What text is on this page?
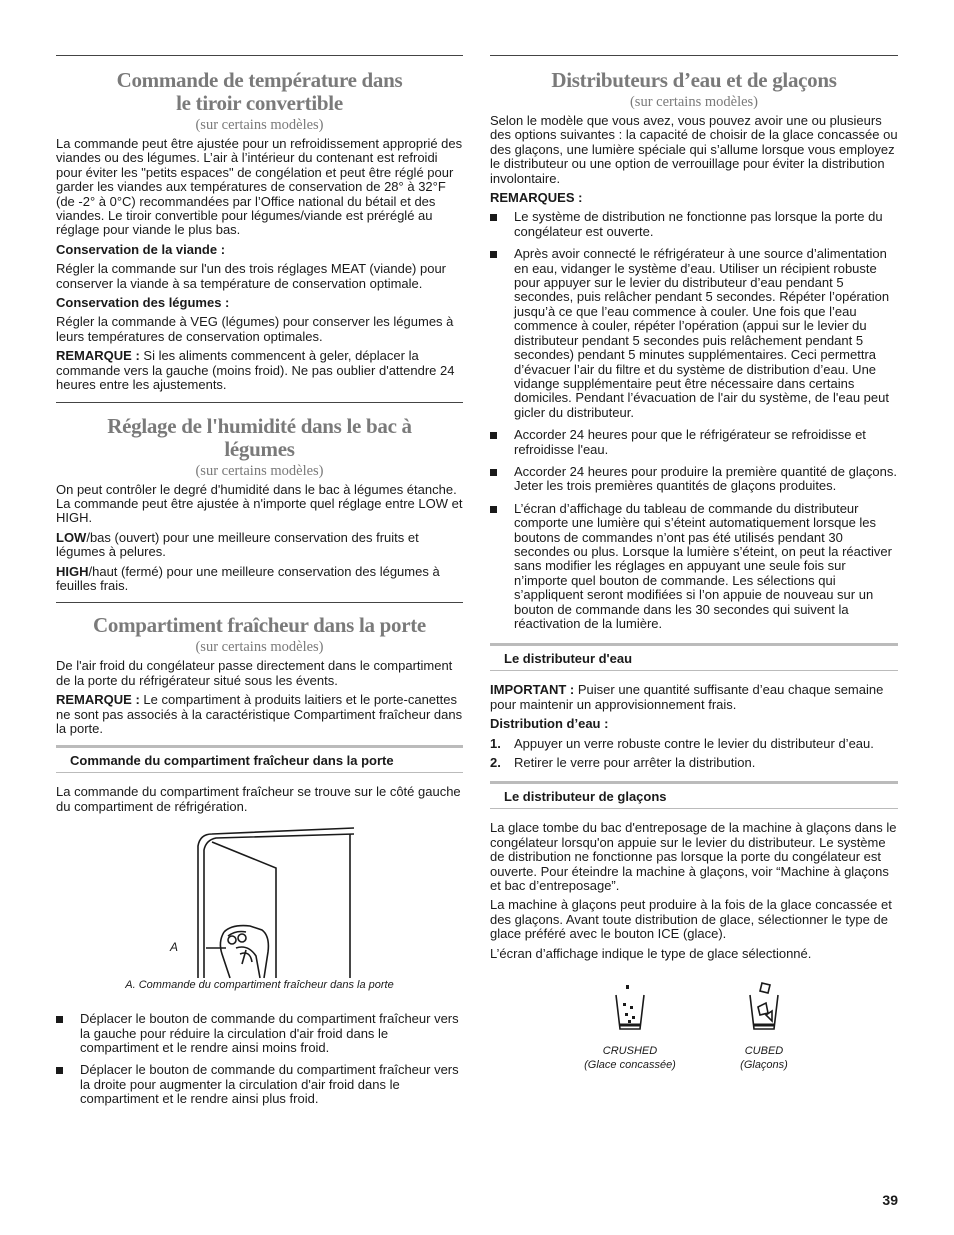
Commande de température dans
le tiroir convertible
(sur certains modèles)

La commande peut être ajustée pour un refroidissement approprié des viandes ou des légumes. L’air à l’intérieur du contenant est refroidi pour éviter les "petits espaces" de congélation et peut être réglé pour garder les viandes aux températures de conservation de 28° à 32°F (de -2° à 0°C) recommandées par l’Office national du bétail et des viandes. Le tiroir convertible pour légumes/viande est préréglé au réglage pour viande le plus bas.

Conservation de la viande :

Régler la commande sur l'un des trois réglages MEAT (viande) pour conserver la viande à sa température de conservation optimale.

Conservation des légumes :

Régler la commande à VEG (légumes) pour conserver les légumes à leurs températures de conservation optimales.

REMARQUE : Si les aliments commencent à geler, déplacer la commande vers la gauche (moins froid). Ne pas oublier d'attendre 24 heures entre les ajustements.

Réglage de l'humidité dans le bac à
légumes
(sur certains modèles)

On peut contrôler le degré d'humidité dans le bac à légumes étanche. La commande peut être ajustée à n'importe quel réglage entre LOW et HIGH.

LOW/bas (ouvert) pour une meilleure conservation des fruits et légumes à pelures.

HIGH/haut (fermé) pour une meilleure conservation des légumes à feuilles frais.

Compartiment fraîcheur dans la porte
(sur certains modèles)

De l'air froid du congélateur passe directement dans le compartiment de la porte du réfrigérateur situé sous les évents.

REMARQUE : Le compartiment à produits laitiers et le porte-canettes ne sont pas associés à la caractéristique Compartiment fraîcheur dans la porte.

Commande du compartiment fraîcheur dans la porte

La commande du compartiment fraîcheur se trouve sur le côté gauche du compartiment de réfrigération.

A
A. Commande du compartiment fraîcheur dans la porte
Déplacer le bouton de commande du compartiment fraîcheur vers la gauche pour réduire la circulation d'air froid dans le compartiment et le rendre ainsi moins froid.
Déplacer le bouton de commande du compartiment fraîcheur vers la droite pour augmenter la circulation d'air froid dans le compartiment et le rendre ainsi plus froid.
Distributeurs d’eau et de glaçons
(sur certains modèles)

Selon le modèle que vous avez, vous pouvez avoir une ou plusieurs des options suivantes : la capacité de choisir de la glace concassée ou des glaçons, une lumière spéciale qui s’allume lorsque vous employez le distributeur ou une option de verrouillage pour éviter la distribution involontaire.

REMARQUES :

Le système de distribution ne fonctionne pas lorsque la porte du congélateur est ouverte.
Après avoir connecté le réfrigérateur à une source d’alimentation en eau, vidanger le système d’eau. Utiliser un récipient robuste pour appuyer sur le levier du distributeur d’eau pendant 5 secondes, puis relâcher pendant 5 secondes. Répéter l’opération jusqu’à ce que l’eau commence à couler. Une fois que l’eau commence à couler, répéter l’opération (appui sur le levier du distributeur pendant 5 secondes puis relâchement pendant 5 secondes) pendant 5 minutes supplémentaires. Ceci permettra d’évacuer l’air du filtre et du système de distribution d’eau. Une vidange supplémentaire peut être nécessaire dans certains domiciles. Pendant l’évacuation de l'air du système, de l'eau peut gicler du distributeur.
Accorder 24 heures pour que le réfrigérateur se refroidisse et refroidisse l'eau.
Accorder 24 heures pour produire la première quantité de glaçons. Jeter les trois premières quantités de glaçons produites.
L’écran d’affichage du tableau de commande du distributeur comporte une lumière qui s’éteint automatiquement lorsque les boutons de commandes n’ont pas été utilisés pendant 30 secondes ou plus. Lorsque la lumière s’éteint, on peut la réactiver sans modifier les réglages en appuyant une seule fois sur n’importe quel bouton de commande. Les sélections qui s’appliquent seront modifiées si l’on appuie de nouveau sur un bouton de commande dans les 30 secondes qui suivent la réactivation de la lumière.
Le distributeur d'eau

IMPORTANT : Puiser une quantité suffisante d’eau chaque semaine pour maintenir un approvisionnement frais.

Distribution d’eau :

1. Appuyer un verre robuste contre le levier du distributeur d’eau.
2. Retirer le verre pour arrêter la distribution.
Le distributeur de glaçons

La glace tombe du bac d'entreposage de la machine à glaçons dans le congélateur lorsqu'on appuie sur le levier du distributeur. Le système de distribution ne fonctionne pas lorsque la porte du congélateur est ouverte. Pour éteindre la machine à glaçons, voir “Machine à glaçons et bac d’entreposage”.

La machine à glaçons peut produire à la fois de la glace concassée et des glaçons. Avant toute distribution de glace, sélectionner le type de glace préféré avec le bouton ICE (glace).

L’écran d’affichage indique le type de glace sélectionné.

CRUSHED
(Glace concassée)
CUBED
(Glaçons)
39
